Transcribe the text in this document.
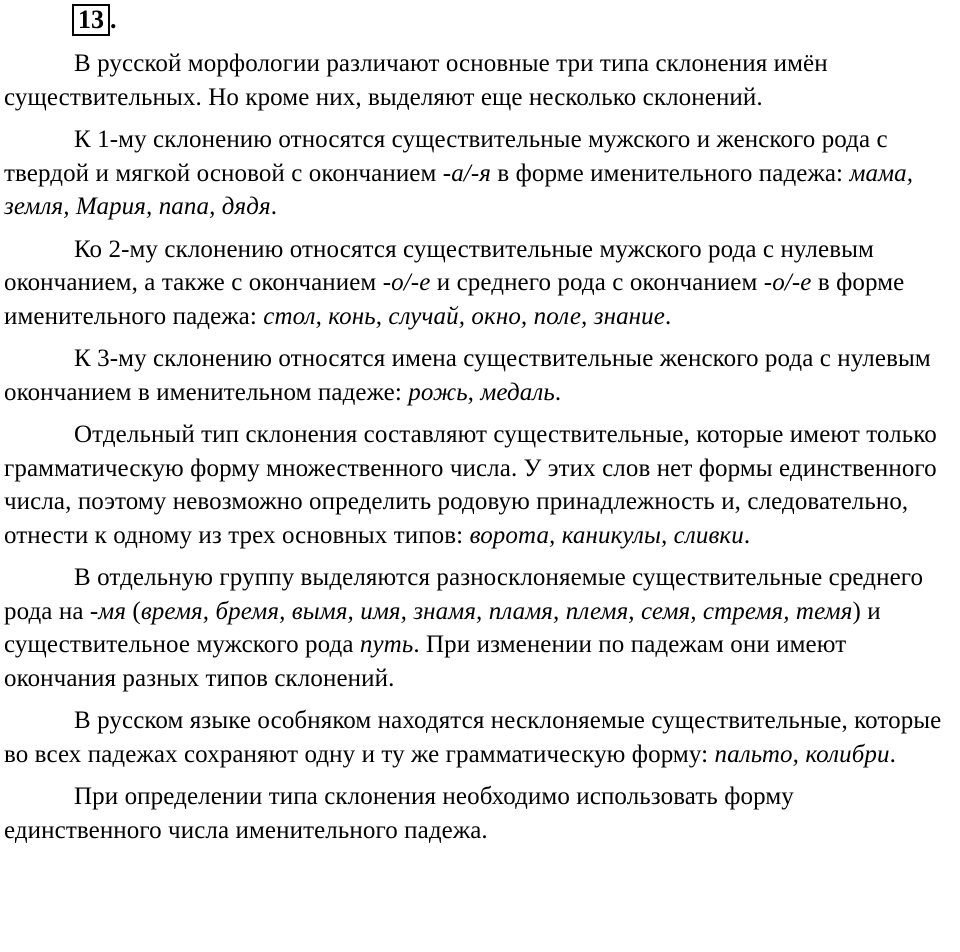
13 .

В русской морфологии различают основные три типа склонения имён существительных. Но кроме них, выделяют еще несколько склонений.

К 1-му склонению относятся существительные мужского и женского рода с твердой и мягкой основой с окончанием -а/-я в форме именительного падежа: мама, земля, Мария, папа, дядя.

Ко 2-му склонению относятся существительные мужского рода с нулевым окончанием, а также с окончанием -о/-е и среднего рода с окончанием -о/-е в форме именительного падежа: стол, конь, случай, окно, поле, знание.

К 3-му склонению относятся имена существительные женского рода с нулевым окончанием в именительном падеже: рожь, медаль.

Отдельный тип склонения составляют существительные, которые имеют только грамматическую форму множественного числа. У этих слов нет формы единственного числа, поэтому невозможно определить родовую принадлежность и, следовательно, отнести к одному из трех основных типов: ворота, каникулы, сливки.

В отдельную группу выделяются разносклоняемые существительные среднего рода на -мя (время, бремя, вымя, имя, знамя, пламя, племя, семя, стремя, темя) и существительное мужского рода путь. При изменении по падежам они имеют окончания разных типов склонений.

В русском языке особняком находятся несклоняемые существительные, которые во всех падежах сохраняют одну и ту же грамматическую форму: пальто, колибри.

При определении типа склонения необходимо использовать форму единственного числа именительного падежа.
